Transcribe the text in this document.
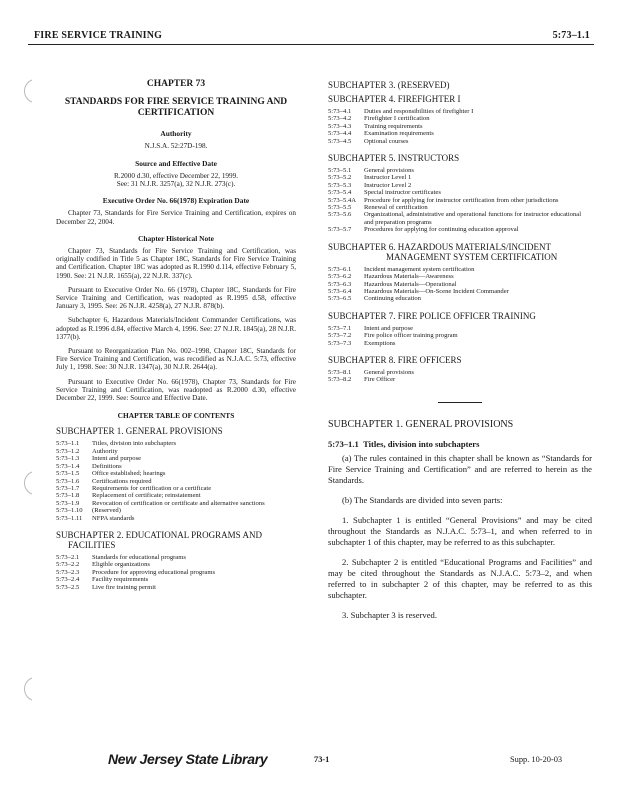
FIRE SERVICE TRAINING	5:73–1.1
CHAPTER 73
STANDARDS FOR FIRE SERVICE TRAINING AND CERTIFICATION
Authority
N.J.S.A. 52:27D-198.
Source and Effective Date
R.2000 d.30, effective December 22, 1999.
See: 31 N.J.R. 3257(a), 32 N.J.R. 273(c).
Executive Order No. 66(1978) Expiration Date

Chapter 73, Standards for Fire Service Training and Certification, expires on December 22, 2004.

Chapter Historical Note

Chapter 73, Standards for Fire Service Training and Certification, was originally codified in Title 5 as Chapter 18C, Standards for Fire Service Training and Certification. Chapter 18C was adopted as R.1990 d.114, effective February 5, 1990. See: 21 N.J.R. 1655(a), 22 N.J.R. 337(c).

Pursuant to Executive Order No. 66 (1978), Chapter 18C, Standards for Fire Service Training and Certification, was readopted as R.1995 d.58, effective January 3, 1995. See: 26 N.J.R. 4258(a), 27 N.J.R. 878(b).

Subchapter 6, Hazardous Materials/Incident Commander Certifications, was adopted as R.1996 d.84, effective March 4, 1996. See: 27 N.J.R. 1845(a), 28 N.J.R. 1377(b).

Pursuant to Reorganization Plan No. 002–1998, Chapter 18C, Standards for Fire Service Training and Certification, was recodified as N.J.A.C. 5:73, effective July 1, 1998. See: 30 N.J.R. 1347(a), 30 N.J.R. 2644(a).

Pursuant to Executive Order No. 66(1978), Chapter 73, Standards for Fire Service Training and Certification, was readopted as R.2000 d.30, effective December 22, 1999. See: Source and Effective Date.

CHAPTER TABLE OF CONTENTS
SUBCHAPTER 1. GENERAL PROVISIONS
5:73–1.1	Titles, division into subchapters
5:73–1.2	Authority
5:73–1.3	Intent and purpose
5:73–1.4	Definitions
5:73–1.5	Office established; hearings
5:73–1.6	Certifications required
5:73–1.7	Requirements for certification or a certificate
5:73–1.8	Replacement of certificate; reinstatement
5:73–1.9	Revocation of certification or certificate and alternative sanctions
5:73–1.10	(Reserved)
5:73–1.11	NFPA standards
SUBCHAPTER 2. EDUCATIONAL PROGRAMS AND FACILITIES
5:73–2.1	Standards for educational programs
5:73–2.2	Eligible organizations
5:73–2.3	Procedure for approving educational programs
5:73–2.4	Facility requirements
5:73–2.5	Live fire training permit
SUBCHAPTER 3. (RESERVED)
SUBCHAPTER 4. FIREFIGHTER I
5:73–4.1	Duties and responsibilities of firefighter I
5:73–4.2	Firefighter I certification
5:73–4.3	Training requirements
5:73–4.4	Examination requirements
5:73–4.5	Optional courses
SUBCHAPTER 5. INSTRUCTORS
5:73–5.1	General provisions
5:73–5.2	Instructor Level 1
5:73–5.3	Instructor Level 2
5:73–5.4	Special instructor certificates
5:73–5.4A	Procedure for applying for instructor certification from other jurisdictions
5:73–5.5	Renewal of certification
5:73–5.6	Organizational, administrative and operational functions for instructor educational and preparation programs
5:73–5.7	Procedures for applying for continuing education approval
SUBCHAPTER 6. HAZARDOUS MATERIALS/INCIDENT MANAGEMENT SYSTEM CERTIFICATION
5:73–6.1	Incident management system certification
5:73–6.2	Hazardous Materials—Awareness
5:73–6.3	Hazardous Materials—Operational
5:73–6.4	Hazardous Materials—On-Scene Incident Commander
5:73–6.5	Continuing education
SUBCHAPTER 7. FIRE POLICE OFFICER TRAINING
5:73–7.1	Intent and purpose
5:73–7.2	Fire police officer training program
5:73–7.3	Exemptions
SUBCHAPTER 8. FIRE OFFICERS
5:73–8.1	General provisions
5:73–8.2	Fire Officer
SUBCHAPTER 1. GENERAL PROVISIONS
5:73–1.1 Titles, division into subchapters

(a) The rules contained in this chapter shall be known as “Standards for Fire Service Training and Certification” and are referred to herein as the Standards.

(b) The Standards are divided into seven parts:

1. Subchapter 1 is entitled “General Provisions” and may be cited throughout the Standards as N.J.A.C. 5:73–1, and when referred to in subchapter 1 of this chapter, may be referred to as this subchapter.

2. Subchapter 2 is entitled “Educational Programs and Facilities” and may be cited throughout the Standards as N.J.A.C. 5:73–2, and when referred to in subchapter 2 of this chapter, may be referred to as this subchapter.

3. Subchapter 3 is reserved.

New Jersey State Library	73-1	Supp. 10-20-03
